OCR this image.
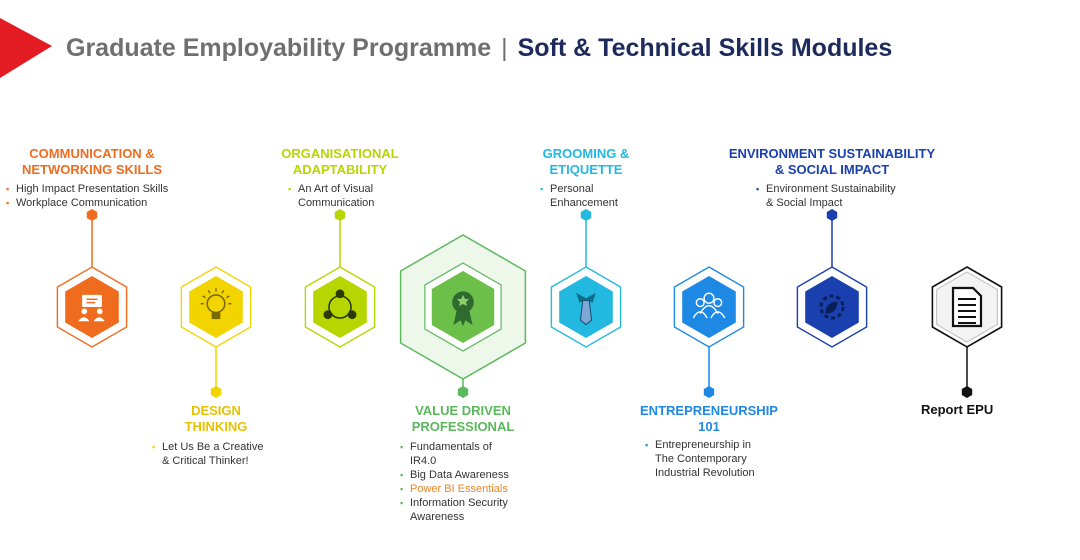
Graduate Employability Programme | Soft & Technical Skills Modules
COMMUNICATION &
NETWORKING SKILLS
▪ High Impact Presentation Skills
▪ Workplace Communication
DESIGN
THINKING
▪ Let Us Be a Creative
& Critical Thinker!
ORGANISATIONAL
ADAPTABILITY
▪ An Art of Visual
Communication
VALUE DRIVEN
PROFESSIONAL
▪ Fundamentals of
IR4.0
▪ Big Data Awareness
▪ Power BI Essentials
▪ Information Security
Awareness
GROOMING &
ETIQUETTE
▪ Personal
Enhancement
ENTREPRENEURSHIP
101
▪ Entrepreneurship in
The Contemporary
Industrial Revolution
ENVIRONMENT SUSTAINABILITY
& SOCIAL IMPACT
▪ Environment Sustainability
& Social Impact
Report EPU
